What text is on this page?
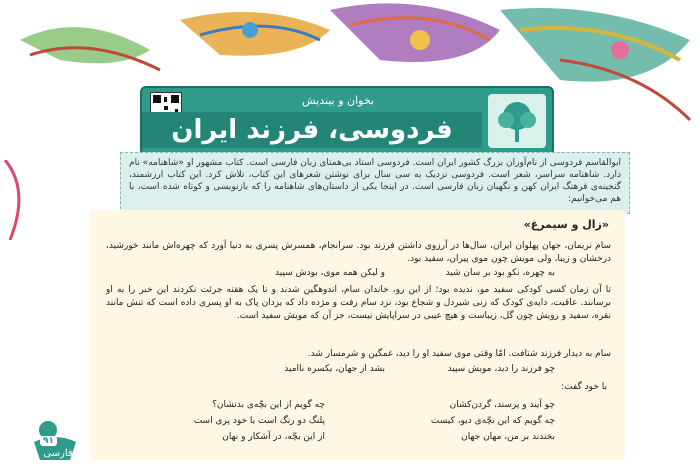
بخوان و بیندیش
فردوسی، فرزند ایران
ابوالقاسم فردوسی از نام‌آوران بزرگ کشور ایران است. فردوسی استاد بی‌همتای زبان فارسی است. کتاب مشهور او «شاهنامه» نام دارد. شاهنامه سراسر، شعر است. فردوسی نزدیک به سی سال برای نوشتن شعرهای این کتاب، تلاش کرد. این کتاب ارزشمند، گنجینه‌ی فرهنگ ایران کهن و نگهبان زبان فارسی است. در اینجا یکی از داستان‌های شاهنامه را که بازنویسی و کوتاه شده است، با هم می‌خوانیم:
«زال و سیمرغ»
سام نریمان، جهان پهلوان ایران، سال‌ها در آرزوی داشتن فرزند بود. سرانجام، همسرش پسری به دنیا آورد که چهره‌اش مانند خورشید، درخشان و زیبا، ولی مویش چون موی پیران، سفید بود.
به چهره، نکو بود بر سان شید
و لیکن همه موی، بودش سپید
تا آن زمان کسی کودکی سفید مو، ندیده بود؛ از این رو، خاندان سام، اندوهگین شدند و تا یک هفته جرئت نکردند این خبر را به او برسانند. عاقبت، دایه‌ی کودک که زنی شیردل و شجاع بود، نزد سام رفت و مژده داد که یزدان پاک به او پسری داده است که تنش مانند نقره، سفید و رویش چون گل، زیباست و هیچ عیبی در سراپایش نیست، جز آن که مویش سفید است.
سام به دیدار فرزند شتافت. امّا وقتی موی سفید او را دید، غمگین و شرمسار شد.
چو فرزند را دید، مویش سپید
بشد از جهان، یکسره ناامید
با خود گفت:
چو آیند و پرسند، گردن‌کشان
چه گویم از این بچّه‌ی بدنشان؟
چه گویم که این بچّه‌ی دیو، کیست
پلنگ دو رنگ است یا خود پری است
بخندند بر من، مهان جهان
از این بچّه، در آشکار و نهان
فارسی
۹۱
